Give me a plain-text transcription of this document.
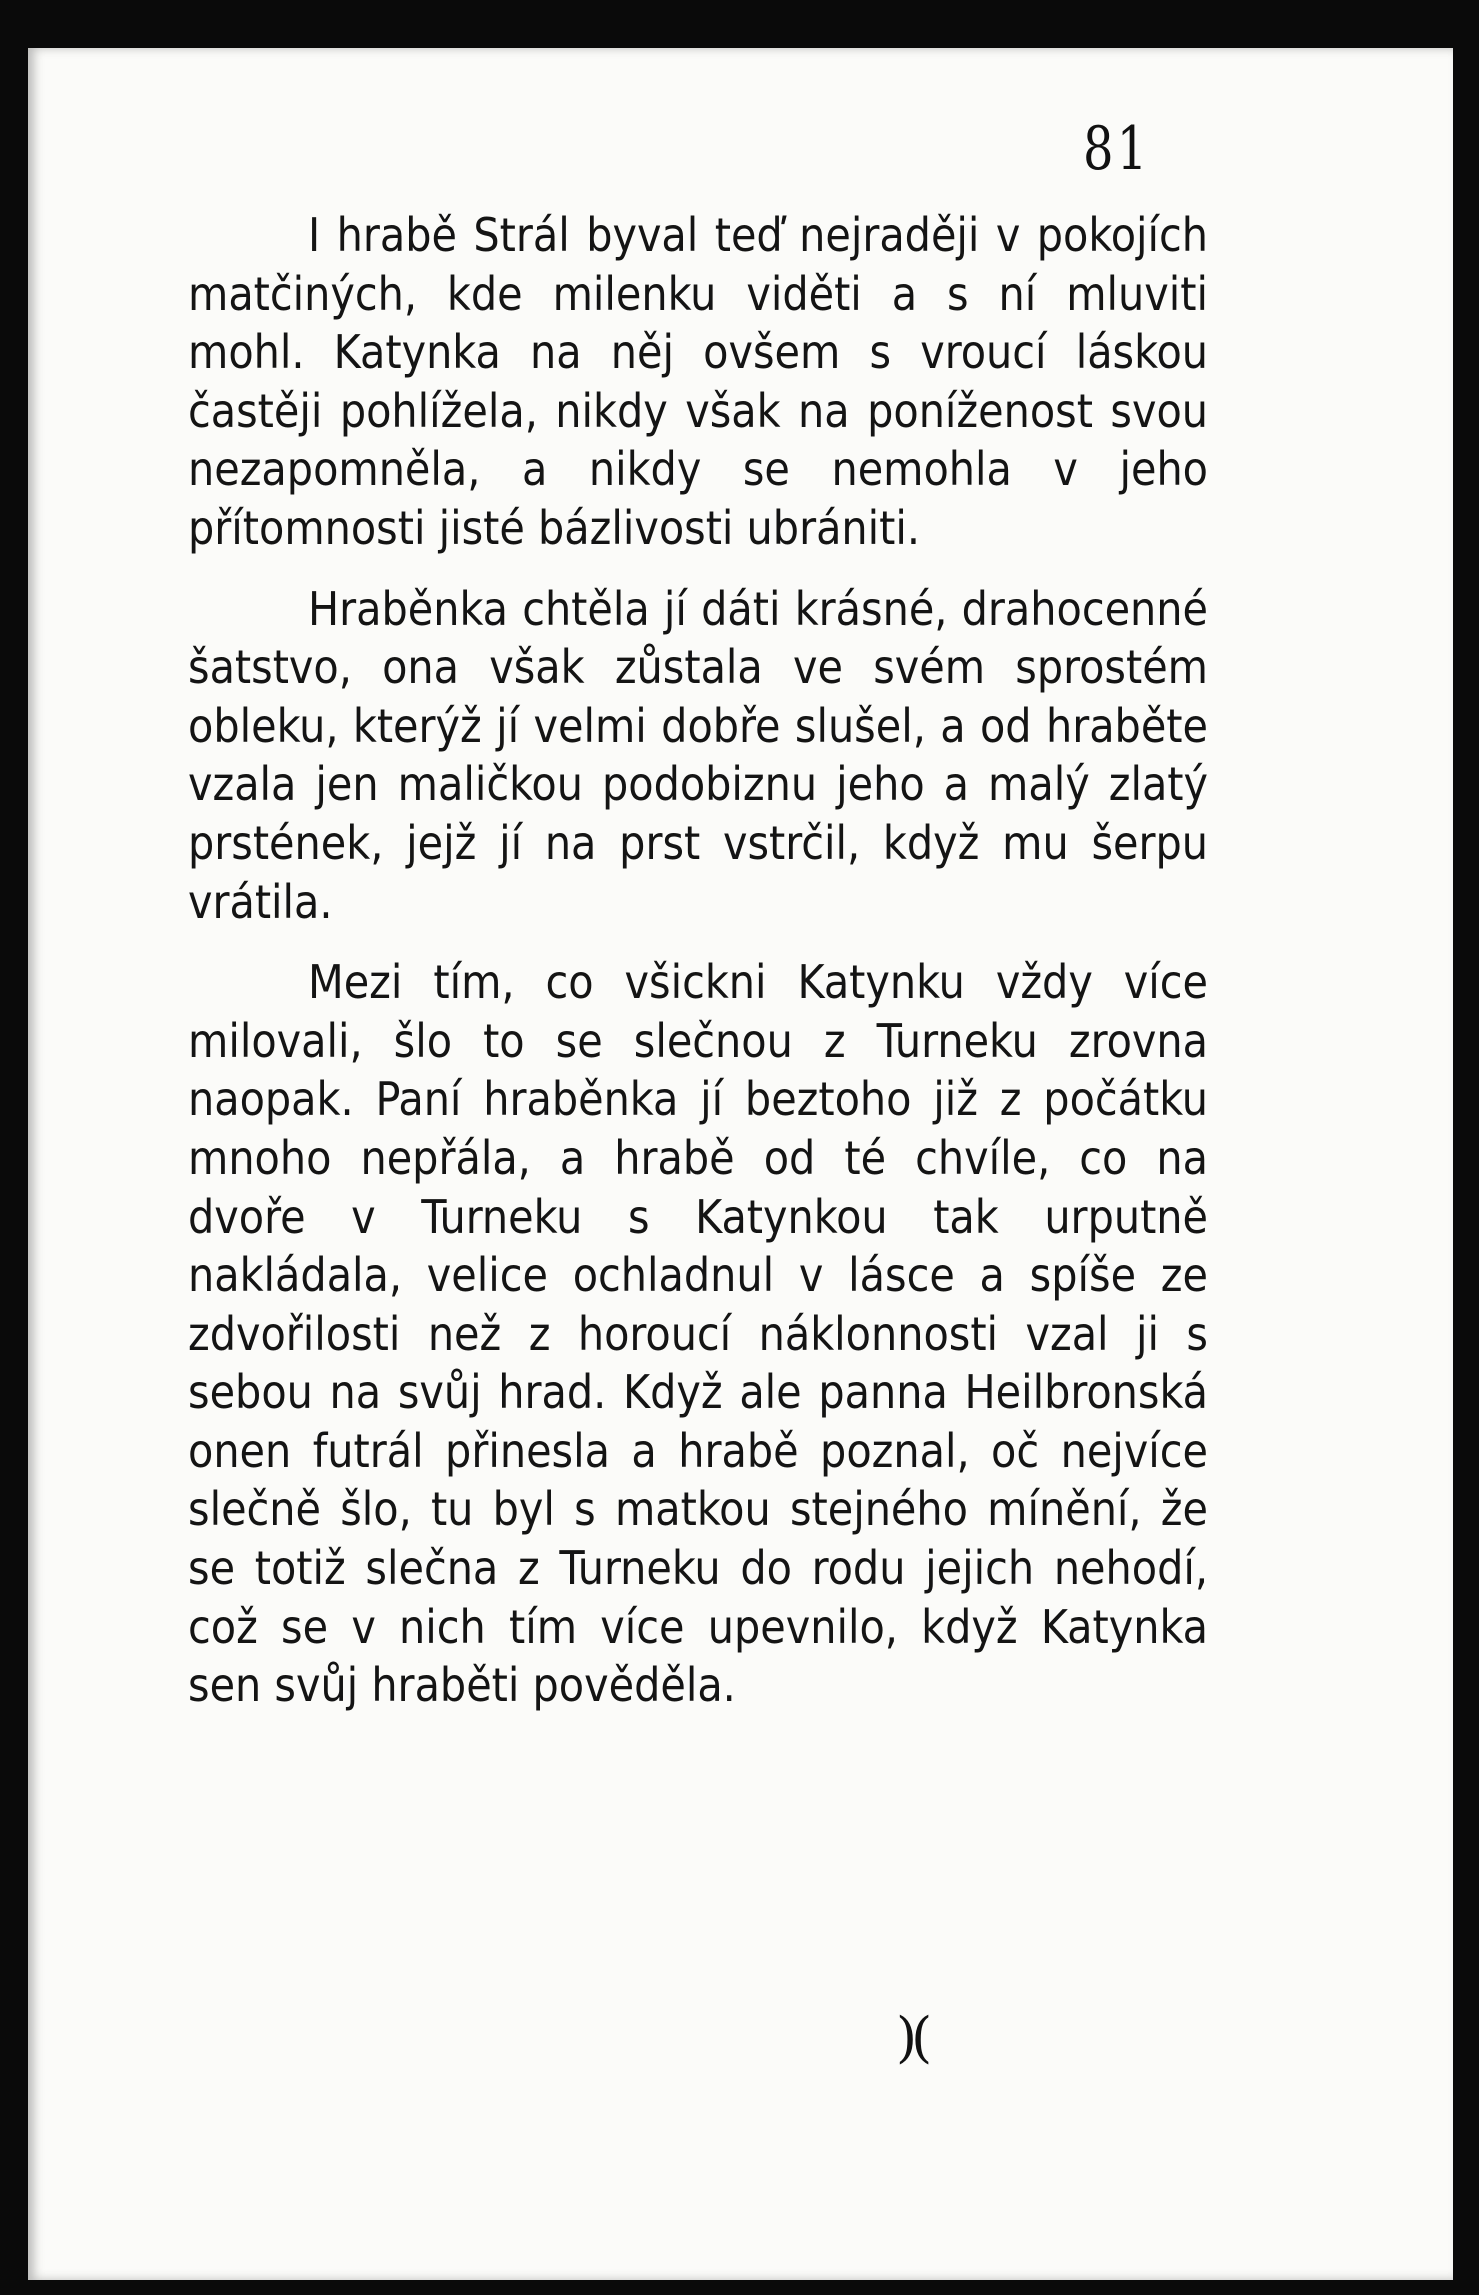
81

I hrabě Strál byval teď nejraději v pokojích matčiných, kde milenku viděti a s ní mluviti mohl. Katynka na něj ovšem s vroucí láskou častěji pohlížela, nikdy však na poníženost svou nezapomněla, a nikdy se nemohla v jeho přítomnosti jisté bázlivosti ubrániti.

Hraběnka chtěla jí dáti krásné, drahocenné šatstvo, ona však zůstala ve svém sprostém obleku, kterýž jí velmi dobře slušel, a od hraběte vzala jen maličkou podobiznu jeho a malý zlatý prstének, jejž jí na prst vstrčil, když mu šerpu vrátila.

Mezi tím, co všickni Katynku vždy více milovali, šlo to se slečnou z Turneku zrovna naopak. Paní hraběnka jí beztoho již z počátku mnoho nepřála, a hrabě od té chvíle, co na dvoře v Turneku s Katynkou tak urputně nakládala, velice ochladnul v lásce a spíše ze zdvořilosti než z horoucí náklonnosti vzal ji s sebou na svůj hrad. Když ale panna Heilbronská onen futrál přinesla a hrabě poznal, oč nejvíce slečně šlo, tu byl s matkou stejného mínění, že se totiž slečna z Turneku do rodu jejich nehodí, což se v nich tím více upevnilo, když Katynka sen svůj hraběti pověděla.

)(
